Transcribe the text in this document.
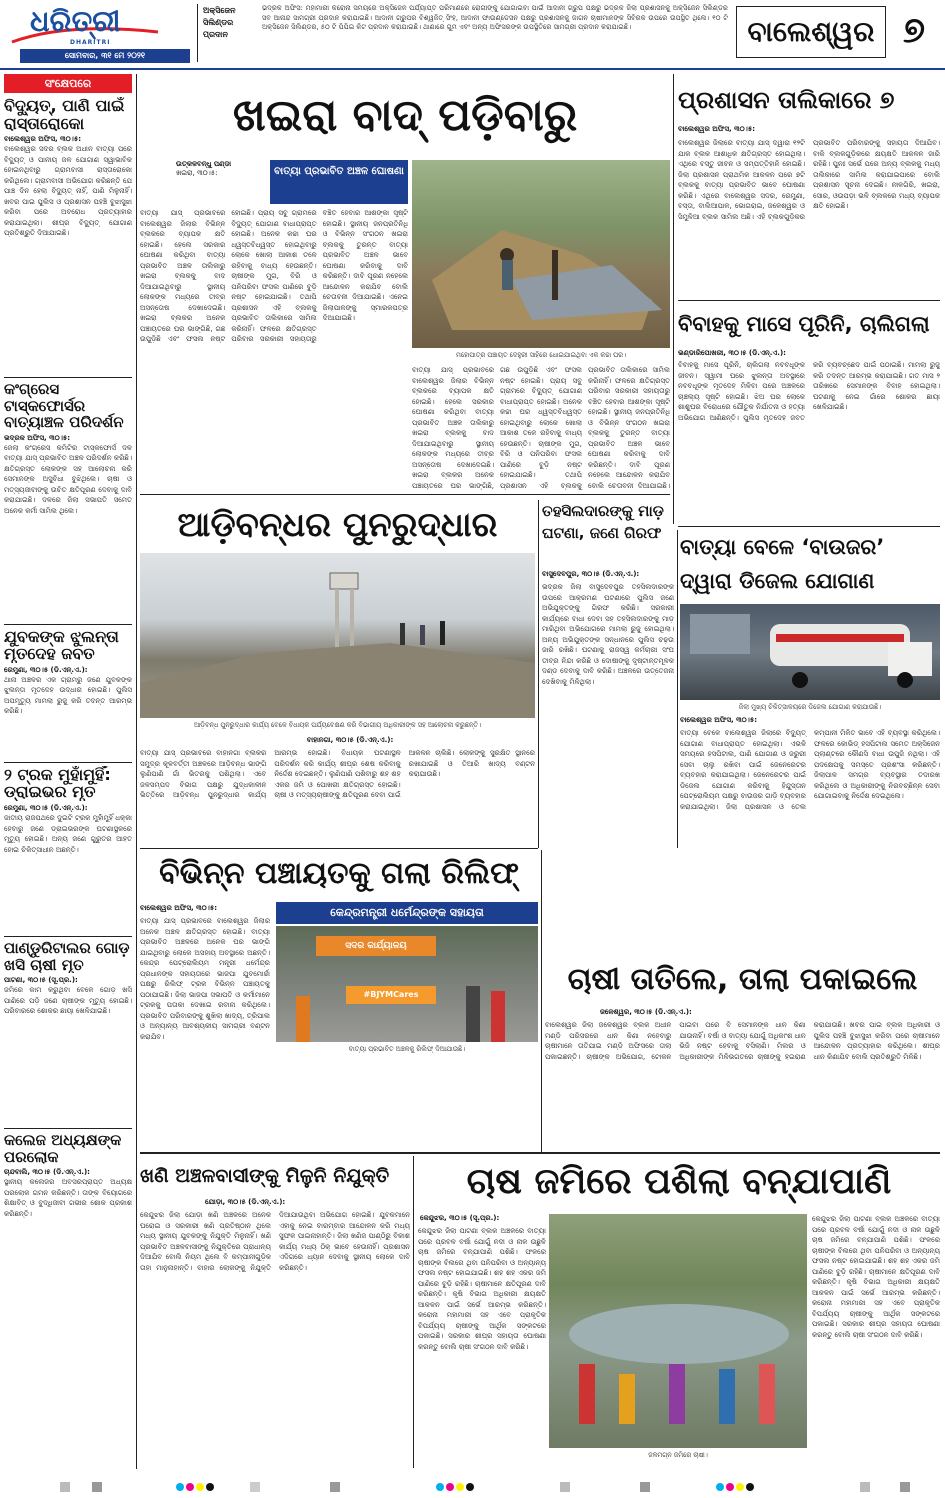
ଧରିତ୍ରୀ
DHARITRI
ସୋମବାର, ୩୧ ମେ ୨୦୨୧
ଅକ୍ସିଜେନ ସିଲିଣ୍ଡର ପ୍ରଦାନ
ଭଦ୍ରକ ଅଫିସ: ମହାମାରୀ କରୋନା ସମୟରେ ଅକ୍ସିଜେନ ପର୍ଯ୍ୟାପ୍ତ ପରିମାଣରେ ରୋଗୀଙ୍କୁ ଯୋଗାଇବା ପାଇଁ ଆଦାନୀ ଗ୍ରୁପ ପକ୍ଷରୁ ଭଦ୍ରକ ଜିଲା ପ୍ରଶାସନକୁ ଅକ୍ସିଜେନ ସିଲିଣ୍ଡର ସବ ଆନାନ୍ଦ ସାମଗ୍ରୀ ପ୍ରଦାନ କରାଯାଇଛି। ଆଦାନୀ ଗ୍ରୁପର ବିଶ୍ୱଜିତ୍ ସିଂହ, ଆଦାନୀ ଫାଉଣ୍ଡେସନ ପକ୍ଷରୁ ପ୍ରଶାସନକୁ ଜାଗନ ଚାଷୀମାନଙ୍କ ସିବିରକ ଉପରେ ଉପସ୍ଥିତ ଥିଲେ। ୧୦ ଟି ଅକ୍ସିଜେନ ସିଲିଣ୍ଡର, ୫୦ ଟି ପିପିଇ କିଟ ପ୍ରଦାନ କରାଯାଇଛି। ଥାଣାରେ ଗୁମ ଏବଂ ଅନ୍ୟ ଅଫିସରଙ୍କ ଉପସ୍ଥିତିରେ ସାମଗ୍ରୀ ପ୍ରଦାନ କରାଯାଇଛି।	ବାଲେଶ୍ୱର ୭
ସଂକ୍ଷେପରେ
ବିଦ୍ୟୁତ୍, ପାଣି ପାଇଁ ରାସ୍ତାରୋକୋ
ବାଲେଶ୍ୱର ଅଫିସ, ୩୦।୫:
ବାଲେଶ୍ୱର ସଦର ବ୍ଲକ ଅଧୀନ ବାତ୍ୟା ପରେ ବିଦ୍ୟୁତ୍ ଓ ପାନୀୟ ଜଳ ଯୋଗାଣ ସ୍ୱାଭାବିକ ହୋଇନଥିବାରୁ ଗ୍ରାମବାସୀ ରାସ୍ତାରୋକୋ କରିଥିଲେ। ଗ୍ରାମବାସୀ ଅଭିଯୋଗ କରିଛନ୍ତି ଯେ ପାଞ୍ଚ ଦିନ ହେଲା ବିଦ୍ୟୁତ୍ ନାହିଁ, ପାଣି ମିଳୁନାହିଁ। ଖବର ପାଇ ପୁଲିସ ଓ ପ୍ରଶାସନ ପହଞ୍ଚି ବୁଝାସୁଝା କରିବା ପରେ ଅବରୋଧ ପ୍ରତ୍ୟାହାର କରାଯାଇଥିଲା। ଶୀଘ୍ର ବିଦ୍ୟୁତ୍ ଯୋଗାଣ ପ୍ରତିଶ୍ରୁତି ଦିଆଯାଇଛି।
କଂଗ୍ରେସ ଟାସ୍କଫୋର୍ସର ବାତ୍ୟାଞ୍ଚଳ ପରିଦର୍ଶନ
ଭଦ୍ରକ ଅଫିସ, ୩୦।୫:
ଜେଲା କଂଗ୍ରେସ କମିଟିର ଟାସ୍କଫୋର୍ସ ଦଳ ବାତ୍ୟା ଯାସ୍ ପ୍ରଭାବିତ ଅଞ୍ଚଳ ପରିଦର୍ଶନ କରିଛି। କ୍ଷତିଗ୍ରସ୍ତ ଲୋକଙ୍କ ସହ ଆଲୋଚନା କରି ସେମାନଙ୍କ ଅସୁବିଧା ବୁଝିଥିଲେ। ଚାଷୀ ଓ ମତ୍ସ୍ୟଜୀବୀଙ୍କୁ ଉଚିତ କ୍ଷତିପୂରଣ ଦେବାକୁ ଦାବି କରାଯାଇଛି। ଦଳରେ ଜିଲା ସଭାପତି ସମେତ ଅନେକ କର୍ମୀ ସାମିଲ ଥିଲେ।
ଯୁବକଙ୍କ ଝୁଲନ୍ତା ମୃତଦେହ ଜବତ
ରେମୁଣା, ୩୦।୫ (ଡି.ଏନ୍.ଏ.):
ଥାନା ଅଞ୍ଚଳର ଏକ ଗ୍ରାମରୁ ଜଣେ ଯୁବକଙ୍କ ଝୁଲନ୍ତା ମୃତଦେହ ଉଦ୍ଧାର ହୋଇଛି। ପୁଲିସ ଅପମୃତ୍ୟୁ ମାମଲା ରୁଜୁ କରି ତଦନ୍ତ ଆରମ୍ଭ କରିଛି।
୨ ଟ୍ରକ ମୁହାଁମୁହିଁ: ଡ୍ରାଇଭର ମୃତ
ରେମୁଣା, ୩୦।୫ (ଡି.ଏନ୍.ଏ.):
ଜାତୀୟ ରାଜପଥରେ ଦୁଇଟି ଟ୍ରକ ମୁହାଁମୁହିଁ ଧକ୍କା ହେବାରୁ ଜଣେ ଡ୍ରାଇଭରଙ୍କ ଘଟଣାସ୍ଥଳରେ ମୃତ୍ୟୁ ହୋଇଛି। ଅନ୍ୟ ଜଣେ ଗୁରୁତର ଆହତ ହୋଇ ଚିକିତ୍ସାଧୀନ ଅଛନ୍ତି।
ପାଣ୍ଡୁରିଟାଲର ଗୋଡ଼ ଖସି ଚାଷୀ ମୃତ
ପାଟଣା, ୩୦।୫ (ସୂ.ପ୍ର.):
ଜମିରେ କାମ କରୁଥିବା ବେଳେ ଗୋଡ଼ ଖସି ପାଣିରେ ପଡ଼ି ଜଣେ ଚାଷୀଙ୍କ ମୃତ୍ୟୁ ହୋଇଛି। ପରିବାରରେ ଶୋକର ଛାୟା ଖେଳିଯାଇଛି।
କଲେଜ ଅଧ୍ୟକ୍ଷଙ୍କ ପରଲୋକ
ଚାନ୍ଦବାଲି, ୩୦।୫ (ଡି.ଏନ୍.ଏ.):
ସ୍ଥାନୀୟ କଲେଜର ଅବସରପ୍ରାପ୍ତ ଅଧ୍ୟକ୍ଷ ପରଲୋକ ଗମନ କରିଛନ୍ତି। ତାଙ୍କ ବିୟୋଗରେ ଶିକ୍ଷାବିତ୍ ଓ ବୁଦ୍ଧିଜୀବୀ ଗଭୀର ଶୋକ ପ୍ରକାଶ କରିଛନ୍ତି।
ଖଇରା ବାଦ୍ ପଡ଼ିବାରୁ
ଉତ୍କଳବନ୍ଧୁ ପଣ୍ଡା
ଖଇରା, ୩୦।୫:	ବାତ୍ୟା ପ୍ରଭାବିତ ଅଞ୍ଚଳ ଘୋଷଣା
ବାତ୍ୟା ଯାସ୍ ପ୍ରଭାବରେ ବାଲେଶ୍ୱର ଜିଲାର ବିଭିନ୍ନ ବ୍ଲକରେ ବ୍ୟାପକ କ୍ଷତି ହୋଇଛି। ହେଲେ ସରକାର ଘୋଷଣା କରିଥିବା ବାତ୍ୟା ପ୍ରଭାବିତ ଅଞ୍ଚଳ ତାଲିକାରୁ ଖଇରା ବ୍ଲକକୁ ବାଦ ଦିଆଯାଇଥିବାରୁ ସ୍ଥାନୀୟ ଲୋକଙ୍କ ମଧ୍ୟରେ ତୀବ୍ର ଅସନ୍ତୋଷ ଦେଖାଦେଇଛି। ଖଇରା ବ୍ଲକର ଅନେକ ପଞ୍ଚାୟତରେ ଘର ଭାଙ୍ଗିଛି, ଗଛ ଉପୁଡ଼ିଛି ଏବଂ ଫସଲ ନଷ୍ଟ ହୋଇଛି। ପ୍ରାୟ ସବୁ ଗ୍ରାମରେ ବିଦ୍ୟୁତ୍ ଯୋଗାଣ ବାଧାପ୍ରାପ୍ତ ହୋଇଛି। ଅନେକ କଚ୍ଚା ଘର ଧ୍ୱସ୍ତବିଧ୍ୱସ୍ତ ହୋଇଥିବାରୁ ଲୋକେ ଖୋଲା ଆକାଶ ତଳେ ରହିବାକୁ ବାଧ୍ୟ ହେଉଛନ୍ତି। ଚାଷୀଙ୍କ ମୁଗ, ବିରି ଓ ପନିପରିବା ଫସଲ ପାଣିରେ ବୁଡ଼ି ନଷ୍ଟ ହୋଇଯାଇଛି। ତଥାପି ପ୍ରଶାସନ ଏହି ବ୍ଲକକୁ ପ୍ରଭାବିତ ତାଲିକାରେ ସାମିଲ କରିନାହିଁ। ଫଳରେ କ୍ଷତିଗ୍ରସ୍ତ ପରିବାର ସରକାରୀ ସହାୟତାରୁ ବଞ୍ଚିତ ହେବାର ଆଶଙ୍କା ସୃଷ୍ଟି ହୋଇଛି। ସ୍ଥାନୀୟ ଜନପ୍ରତିନିଧି ଓ ବିଭିନ୍ନ ସଂଗଠନ ଖଇରା ବ୍ଲକକୁ ତୁରନ୍ତ ବାତ୍ୟା ପ୍ରଭାବିତ ଅଞ୍ଚଳ ଭାବେ ଘୋଷଣା କରିବାକୁ ଦାବି କରିଛନ୍ତି। ଦାବି ପୂରଣ ନହେଲେ ଆନ୍ଦୋଳନ କରାଯିବ ବୋଲି ଚେତାବନୀ ଦିଆଯାଇଛି। ଏନେଇ ଜିଲାପାଳଙ୍କୁ ସ୍ମାରକପତ୍ର ଦିଆଯାଇଛି।
ମହୋପାତ୍ର ପଞ୍ଚାୟତ ଦେହୁରୀ ସାହିରେ ଧୋଇଯାଇଥିବା ଏକ କଚ୍ଚା ଘର।
ବାତ୍ୟା ଯାସ୍ ପ୍ରଭାବରେ ବାଲେଶ୍ୱର ଜିଲାର ବିଭିନ୍ନ ବ୍ଲକରେ ବ୍ୟାପକ କ୍ଷତି ହୋଇଛି। ହେଲେ ସରକାର ଘୋଷଣା କରିଥିବା ବାତ୍ୟା ପ୍ରଭାବିତ ଅଞ୍ଚଳ ତାଲିକାରୁ ଖଇରା ବ୍ଲକକୁ ବାଦ ଦିଆଯାଇଥିବାରୁ ସ୍ଥାନୀୟ ଲୋକଙ୍କ ମଧ୍ୟରେ ତୀବ୍ର ଅସନ୍ତୋଷ ଦେଖାଦେଇଛି। ଖଇରା ବ୍ଲକର ଅନେକ ପଞ୍ଚାୟତରେ ଘର ଭାଙ୍ଗିଛି, ଗଛ ଉପୁଡ଼ିଛି ଏବଂ ଫସଲ ନଷ୍ଟ ହୋଇଛି। ପ୍ରାୟ ସବୁ ଗ୍ରାମରେ ବିଦ୍ୟୁତ୍ ଯୋଗାଣ ବାଧାପ୍ରାପ୍ତ ହୋଇଛି। ଅନେକ କଚ୍ଚା ଘର ଧ୍ୱସ୍ତବିଧ୍ୱସ୍ତ ହୋଇଥିବାରୁ ଲୋକେ ଖୋଲା ଆକାଶ ତଳେ ରହିବାକୁ ବାଧ୍ୟ ହେଉଛନ୍ତି। ଚାଷୀଙ୍କ ମୁଗ, ବିରି ଓ ପନିପରିବା ଫସଲ ପାଣିରେ ବୁଡ଼ି ନଷ୍ଟ ହୋଇଯାଇଛି। ତଥାପି ପ୍ରଶାସନ ଏହି ବ୍ଲକକୁ ପ୍ରଭାବିତ ତାଲିକାରେ ସାମିଲ କରିନାହିଁ। ଫଳରେ କ୍ଷତିଗ୍ରସ୍ତ ପରିବାର ସରକାରୀ ସହାୟତାରୁ ବଞ୍ଚିତ ହେବାର ଆଶଙ୍କା ସୃଷ୍ଟି ହୋଇଛି। ସ୍ଥାନୀୟ ଜନପ୍ରତିନିଧି ଓ ବିଭିନ୍ନ ସଂଗଠନ ଖଇରା ବ୍ଲକକୁ ତୁରନ୍ତ ବାତ୍ୟା ପ୍ରଭାବିତ ଅଞ୍ଚଳ ଭାବେ ଘୋଷଣା କରିବାକୁ ଦାବି କରିଛନ୍ତି। ଦାବି ପୂରଣ ନହେଲେ ଆନ୍ଦୋଳନ କରାଯିବ ବୋଲି ଚେତାବନୀ ଦିଆଯାଇଛି।
ପ୍ରଶାସନ ତାଲିକାରେ ୭
ବାଲେଶ୍ୱର ଅଫିସ, ୩୦।୫:
ବାଲେଶ୍ୱର ଜିଲାରେ ବାତ୍ୟା ଯାସ୍ ଦ୍ୱାରା ୧୨ଟି ଯାକ ବ୍ଲକ ଆଶାଧିକ କ୍ଷତିଗ୍ରସ୍ତ ହୋଇଥିଲା। ଏଥିରେ ବସ୍ତୁ ଜୀବନ ଓ ସମ୍ପତ୍ତିହାନି ହୋଇଛି। ଜିଲା ପ୍ରଶାସନ ପ୍ରାଥମିକ ଆକଳନ ପରେ ୭ଟି ବ୍ଲକକୁ ବାତ୍ୟା ପ୍ରଭାବିତ ଭାବେ ଘୋଷଣା କରିଛି। ଏଥିରେ ବାଲେଶ୍ୱର ସଦର, ରେମୁଣା, ବସ୍ତା, ବାଲିଆପାଳ, ଭୋଗରାଇ, ଜଳେଶ୍ୱର ଓ ସିମୁଳିଆ ବ୍ଲକ ସାମିଲ ଅଛି। ଏହି ବ୍ଲକଗୁଡ଼ିକର ପ୍ରଭାବିତ ପରିବାରଙ୍କୁ ସହାୟତା ଦିଆଯିବ। ବାକି ବ୍ଲକଗୁଡ଼ିକରେ କ୍ଷୟକ୍ଷତି ଆକଳନ ଜାରି ରହିଛି। ପୁନଃ ସର୍ଭେ ପରେ ଅନ୍ୟ ବ୍ଲକକୁ ମଧ୍ୟ ତାଲିକାରେ ସାମିଲ କରାଯାଇପାରେ ବୋଲି ପ୍ରଶାସନ ସୂଚନା ଦେଇଛି। ନୀଳଗିରି, ଖଇରା, ସୋର, ଓଉପଡ଼ା ଭଳି ବ୍ଲକରେ ମଧ୍ୟ ବ୍ୟାପକ କ୍ଷତି ହୋଇଛି।
ବିବାହକୁ ମାସେ ପୂରିନି, ଚାଲିଗଲା
ଭଣ୍ଡାରିପୋଖରୀ, ୩୦।୫ (ଡି.ଏନ୍.ଏ.):
ବିବାହକୁ ମାସେ ପୂରିନି, ଚାଲିଗଲା ନବବଧୂଙ୍କ ଜୀବନ। ସ୍ୱାମୀ ଘରେ ଝୁଲନ୍ତା ଅବସ୍ଥାରେ ନବବଧୂଙ୍କ ମୃତଦେହ ମିଳିବା ପରେ ଅଞ୍ଚଳରେ ଚାଞ୍ଚଲ୍ୟ ସୃଷ୍ଟି ହୋଇଛି। ଝିଅ ଘର ଲୋକେ ଶାଶୁଘର ବିରୋଧରେ ଯୌତୁକ ନିର୍ଯାତନା ଓ ହତ୍ୟା ଅଭିଯୋଗ ଆଣିଛନ୍ତି। ପୁଲିସ ମୃତଦେହ ଜବତ କରି ବ୍ୟବଚ୍ଛେଦ ପାଇଁ ପଠାଇଛି। ମାମଲା ରୁଜୁ କରି ତଦନ୍ତ ଆରମ୍ଭ କରାଯାଇଛି। ଗତ ମାସ ୨ ତାରିଖରେ ସେମାନଙ୍କ ବିବାହ ହୋଇଥିଲା। ଘଟଣାକୁ ନେଇ ଗାଁରେ ଶୋକର ଛାୟା ଖେଳିଯାଇଛି।
ଆଡ଼ିବନ୍ଧର ପୁନରୁଦ୍ଧାର
ଆଡ଼ିବନ୍ଧ ପୁନରୁଦ୍ଧାର କାର୍ଯ୍ୟ ବେଳେ ବିଧାୟକ ପର୍ଯ୍ୟବେକ୍ଷଣ କରି ବିଭାଗୀୟ ଅଧିକାରୀଙ୍କ ସହ ଆଲୋଚନା କରୁଛନ୍ତି।
ବାହାନଗା, ୩୦।୫ (ଡି.ଏନ୍.ଏ.):
ବାତ୍ୟା ଯାସ୍ ପ୍ରଭାବରେ ବାହାନଗା ବ୍ଲକର ସମୁଦ୍ର କୂଳବର୍ତ୍ତୀ ଅଞ୍ଚଳରେ ଆଡ଼ିବନ୍ଧ ଭାଙ୍ଗି ଲୁଣିପାଣି ଗାଁ ଭିତରକୁ ପଶିଥିଲା। ଏବେ ଜଳସମ୍ପଦ ବିଭାଗ ପକ୍ଷରୁ ଯୁଦ୍ଧକାଳୀନ ଭିତ୍ତିରେ ଆଡ଼ିବନ୍ଧ ପୁନରୁଦ୍ଧାର କାର୍ଯ୍ୟ ଆରମ୍ଭ ହୋଇଛି। ବିଧାୟକ ଘଟଣାସ୍ଥଳ ପରିଦର୍ଶନ କରି କାର୍ଯ୍ୟ ଶୀଘ୍ର ଶେଷ କରିବାକୁ ନିର୍ଦ୍ଦେଶ ଦେଇଛନ୍ତି। ଲୁଣିପାଣି ପଶିବାରୁ ଶହ ଶହ ଏକର ଜମି ଓ ପୋଖରୀ କ୍ଷତିଗ୍ରସ୍ତ ହୋଇଛି। ଚାଷୀ ଓ ମତ୍ସ୍ୟଚାଷୀଙ୍କୁ କ୍ଷତିପୂରଣ ଦେବା ପାଇଁ ଆକଳନ ଚାଲିଛି। ଲୋକଙ୍କୁ ସୁରକ୍ଷିତ ସ୍ଥାନରେ ରଖାଯାଇଛି ଓ ତିଆରି ଖାଦ୍ୟ ବଣ୍ଟନ କରାଯାଉଛି।
ତହସିଲଦାରଙ୍କୁ ମାଡ଼ ଘଟଣା, ଜଣେ ଗିରଫ
ବାସୁଦେବପୁର, ୩୦।୫ (ଡି.ଏନ୍.ଏ.):
ଭଦ୍ରକ ଜିଲା ବାସୁଦେବପୁର ତହସିଲଦାରଙ୍କ ଉପରେ ଆକ୍ରମଣ ଘଟଣାରେ ପୁଲିସ ଜଣେ ଅଭିଯୁକ୍ତଙ୍କୁ ଗିରଫ କରିଛି। ସରକାରୀ କାର୍ଯ୍ୟରେ ବାଧା ଦେବା ସହ ତହସିଲଦାରଙ୍କୁ ମାଡ଼ ମାରିଥିବା ଅଭିଯୋଗରେ ମାମଲା ରୁଜୁ ହୋଇଥିଲା। ଅନ୍ୟ ଅଭିଯୁକ୍ତଙ୍କ ସନ୍ଧାନରେ ପୁଲିସ ଚଢ଼ଉ ଜାରି ରଖିଛି। ଘଟଣାକୁ ରାଜସ୍ୱ କର୍ମଚାରୀ ସଂଘ ତୀବ୍ର ନିନ୍ଦା କରିଛି ଓ ଦୋଷୀଙ୍କୁ ଦୃଷ୍ଟାନ୍ତମୂଳକ ଦଣ୍ଡ ଦେବାକୁ ଦାବି କରିଛି। ଅଞ୍ଚଳରେ ଉତ୍ତେଜନା ଦେଖିବାକୁ ମିଳିଥିଲା।
ବାତ୍ୟା ବେଳେ ‘ବାଉଜର’ ଦ୍ୱାରା ଡିଜେଲ ଯୋଗାଣ
ଜିଲା ମୁଖ୍ୟ ଚିକିତ୍ସାଳୟରେ ଡିଜେଲ ଯୋଗାଣ କରାଯାଉଛି।
ବାଲେଶ୍ୱର ଅଫିସ, ୩୦।୫:
ବାତ୍ୟା ବେଳେ ବାଲେଶ୍ୱର ଜିଲାରେ ବିଦ୍ୟୁତ୍ ଯୋଗାଣ ବାଧାପ୍ରାପ୍ତ ହୋଇଥିଲା। ଏଭଳି ସମୟରେ ହସପିଟାଲ, ପାଣି ଯୋଗାଣ ଓ ଜରୁରୀ ସେବା ଚାଲୁ ରଖିବା ପାଇଁ ଜେନେରେଟର ବ୍ୟବହାର କରାଯାଇଥିଲା। ଜେନେରେଟର ପାଇଁ ଡିଜେଲ ଯୋଗାଣ କରିବାକୁ ହିନ୍ଦୁସ୍ତାନ ପେଟ୍ରୋଲିୟମ ପକ୍ଷରୁ ବାଉଜର ଗାଡ଼ି ବ୍ୟବହାର କରାଯାଇଥିଲା। ଜିଲା ପ୍ରଶାସନ ଓ ତେଲ କମ୍ପାନୀ ମିଳିତ ଭାବେ ଏହି ବ୍ୟବସ୍ଥା କରିଥିଲେ। ଫଳରେ କୋଭିଡ୍ ହସପିଟାଲ ସମେତ ଅକ୍ସିଜେନ ପ୍ଲାଣ୍ଟରେ କୌଣସି ବାଧା ଉପୁଜି ନଥିଲା। ଏହି ପଦକ୍ଷେପକୁ ସମସ୍ତେ ପ୍ରଶଂସା କରିଛନ୍ତି। ଜିଲାପାଳ ସମଗ୍ର ବ୍ୟବସ୍ଥାର ତଦାରଖ କରିଥିଲେ ଓ ଅଧିକାରୀଙ୍କୁ ନିରବଚ୍ଛିନ୍ନ ସେବା ଯୋଗାଇବାକୁ ନିର୍ଦ୍ଦେଶ ଦେଇଥିଲେ।
ବିଭିନ୍ନ ପଞ୍ଚାୟତକୁ ଗଲା ରିଲିଫ୍
ବାଲେଶ୍ୱର ଅଫିସ, ୩୦।୫:
ବାତ୍ୟା ଯାସ୍ ପ୍ରଭାବରେ ବାଲେଶ୍ୱର ଜିଲାର ଅନେକ ଅଞ୍ଚଳ କ୍ଷତିଗ୍ରସ୍ତ ହୋଇଛି। ବାତ୍ୟା ପ୍ରଭାବିତ ଅଞ୍ଚଳରେ ଅନେକ ଘର ଭାଙ୍ଗି ଯାଇଥିବାରୁ ଲୋକେ ଅସହାୟ ଅବସ୍ଥାରେ ଅଛନ୍ତି। କେନ୍ଦ୍ର ପେଟ୍ରୋଲିୟମ ମନ୍ତ୍ରୀ ଧର୍ମେନ୍ଦ୍ର ପ୍ରଧାନଙ୍କ ସହାୟତାରେ ଭାଜପା ଯୁବମୋର୍ଚ୍ଚା ପକ୍ଷରୁ ରିଲିଫ୍ ଟ୍ରକ ବିଭିନ୍ନ ପଞ୍ଚାୟତକୁ ପଠାଯାଇଛି। ଜିଲା ଭାଜପା ସଭାପତି ଓ କର୍ମୀମାନେ ଟ୍ରକକୁ ପତାକା ଦେଖାଇ ରବାନା କରିଥିଲେ। ପ୍ରଭାବିତ ପରିବାରଙ୍କୁ ଶୁଖିଲା ଖାଦ୍ୟ, ତ୍ରିପାଲ ଓ ଅନ୍ୟାନ୍ୟ ଆବଶ୍ୟକୀୟ ସାମଗ୍ରୀ ବଣ୍ଟନ କରାଯିବ।
କେନ୍ଦ୍ରମନ୍ତ୍ରୀ ଧର୍ମେନ୍ଦ୍ରଙ୍କ ସହାୟତା
ସଦର କାର୍ଯ୍ୟାଳୟ
#BJYMCares
ବାତ୍ୟା ପ୍ରଭାବିତ ଅଞ୍ଚଳକୁ ରିଲିଫ୍ ଦିଆଯାଉଛି।
ଚାଷୀ ତାତିଲେ, ତାଲା ପକାଇଲେ
ଜଳେଶ୍ୱର, ୩୦।୫ (ଡି.ଏନ୍.ଏ.):
ବାଲେଶ୍ୱର ଜିଲା ଜଳେଶ୍ୱର ବ୍ଲକ ଅଧୀନ ମଣ୍ଡି ପରିସରରେ ଧାନ କିଣା ନହେବାରୁ ଚାଷୀମାନେ ତାତିଯାଇ ମଣ୍ଡି ଅଫିସରେ ତାଲା ପକାଇଛନ୍ତି। ଚାଷୀଙ୍କ ଅଭିଯୋଗ, ଟୋକନ ପାଇବା ପରେ ବି ସେମାନଙ୍କ ଧାନ କିଣା ଯାଉନାହିଁ। ବର୍ଷା ଓ ବାତ୍ୟା ଯୋଗୁଁ ଅଧିକାଂଶ ଧାନ ଭିଜି ନଷ୍ଟ ହେବାକୁ ବସିଲାଣି। ମିଲର ଓ ଅଧିକାରୀଙ୍କ ମିଳିଭଗତରେ ଚାଷୀଙ୍କୁ ହଇରାଣ କରାଯାଉଛି। ଖବର ପାଇ ବ୍ଲକ ଅଧିକାରୀ ଓ ପୁଲିସ ପହଞ୍ଚି ବୁଝାସୁଝା କରିବା ପରେ ଚାଷୀମାନେ ଆନ୍ଦୋଳନ ପ୍ରତ୍ୟାହାର କରିଥିଲେ। ଶୀଘ୍ର ଧାନ କିଣାଯିବ ବୋଲି ପ୍ରତିଶ୍ରୁତି ମିଳିଛି।
ଖଣି ଅଞ୍ଚଳବାସୀଙ୍କୁ ମିଳୁନି ନିଯୁକ୍ତି
ଯୋଡ଼ା, ୩୦।୫ (ଡି.ଏନ୍.ଏ.):
କେନ୍ଦୁଝର ଜିଲା ଯୋଡ଼ା ଖଣି ଅଞ୍ଚଳରେ ଅନେକ ଘରୋଇ ଓ ସରକାରୀ ଖଣି ପ୍ରତିଷ୍ଠାନ ଥିଲେ ମଧ୍ୟ ସ୍ଥାନୀୟ ଯୁବକଙ୍କୁ ନିଯୁକ୍ତି ମିଳୁନାହିଁ। ଖଣି ପ୍ରଭାବିତ ଅଞ୍ଚଳବାସୀଙ୍କୁ ନିଯୁକ୍ତିରେ ପ୍ରାଧାନ୍ୟ ଦିଆଯିବ ବୋଲି ନିୟମ ଥିଲେ ବି କମ୍ପାନୀଗୁଡ଼ିକ ତାହା ମାନୁନାହାନ୍ତି। ବାହାର ଲୋକଙ୍କୁ ନିଯୁକ୍ତି ଦିଆଯାଉଥିବା ଅଭିଯୋଗ ହୋଇଛି। ଯୁବକମାନେ ଏହାକୁ ନେଇ ବାରମ୍ବାର ଆନ୍ଦୋଳନ କରି ମଧ୍ୟ ସୁଫଳ ପାଇନାହାନ୍ତି। ଜିଲା ଖଣିଜ ପାଣ୍ଠିରୁ ବିକାଶ କାର୍ଯ୍ୟ ମଧ୍ୟ ଠିକ୍ ଭାବେ ହେଉନାହିଁ। ପ୍ରଶାସନ ଏଦିଗରେ ଧ୍ୟାନ ଦେବାକୁ ସ୍ଥାନୀୟ ଲୋକେ ଦାବି କରିଛନ୍ତି।
ଚାଷ ଜମିରେ ପଶିଲା ବନ୍ଯାପାଣି
କେନ୍ଦୁଝର, ୩୦।୫ (ସୂ.ପ୍ର.):
କେନ୍ଦୁଝର ଜିଲା ପାଟଣା ବ୍ଲକ ଅଞ୍ଚଳରେ ବାତ୍ୟା ପରେ ପ୍ରବଳ ବର୍ଷା ଯୋଗୁଁ ନଦୀ ଓ ନାଳ ଉଛୁଳି ଚାଷ ଜମିରେ ବନ୍ଯାପାଣି ପଶିଛି। ଫଳରେ ଚାଷୀଙ୍କ ବିଲରେ ଥିବା ପନିପରିବା ଓ ଅନ୍ୟାନ୍ୟ ଫସଲ ନଷ୍ଟ ହୋଇଯାଇଛି। ଶହ ଶହ ଏକର ଜମି ପାଣିରେ ବୁଡ଼ି ରହିଛି। ଚାଷୀମାନେ କ୍ଷତିପୂରଣ ଦାବି କରିଛନ୍ତି। କୃଷି ବିଭାଗ ଅଧିକାରୀ କ୍ଷୟକ୍ଷତି ଆକଳନ ପାଇଁ ସର୍ଭେ ଆରମ୍ଭ କରିଛନ୍ତି। କରୋନା ମହାମାରୀ ସହ ଏବେ ପ୍ରାକୃତିକ ବିପର୍ଯ୍ୟୟ ଚାଷୀଙ୍କୁ ଆର୍ଥିକ ସଙ୍କଟରେ ପକାଇଛି। ସରକାର ଶୀଘ୍ର ସହାୟତା ଘୋଷଣା କରନ୍ତୁ ବୋଲି ଚାଷୀ ସଂଗଠନ ଦାବି କରିଛି।
ଜଳମଗ୍ନ ଜମିରେ ଚାଷୀ।
କେନ୍ଦୁଝର ଜିଲା ପାଟଣା ବ୍ଲକ ଅଞ୍ଚଳରେ ବାତ୍ୟା ପରେ ପ୍ରବଳ ବର୍ଷା ଯୋଗୁଁ ନଦୀ ଓ ନାଳ ଉଛୁଳି ଚାଷ ଜମିରେ ବନ୍ଯାପାଣି ପଶିଛି। ଫଳରେ ଚାଷୀଙ୍କ ବିଲରେ ଥିବା ପନିପରିବା ଓ ଅନ୍ୟାନ୍ୟ ଫସଲ ନଷ୍ଟ ହୋଇଯାଇଛି। ଶହ ଶହ ଏକର ଜମି ପାଣିରେ ବୁଡ଼ି ରହିଛି। ଚାଷୀମାନେ କ୍ଷତିପୂରଣ ଦାବି କରିଛନ୍ତି। କୃଷି ବିଭାଗ ଅଧିକାରୀ କ୍ଷୟକ୍ଷତି ଆକଳନ ପାଇଁ ସର୍ଭେ ଆରମ୍ଭ କରିଛନ୍ତି। କରୋନା ମହାମାରୀ ସହ ଏବେ ପ୍ରାକୃତିକ ବିପର୍ଯ୍ୟୟ ଚାଷୀଙ୍କୁ ଆର୍ଥିକ ସଙ୍କଟରେ ପକାଇଛି। ସରକାର ଶୀଘ୍ର ସହାୟତା ଘୋଷଣା କରନ୍ତୁ ବୋଲି ଚାଷୀ ସଂଗଠନ ଦାବି କରିଛି।
